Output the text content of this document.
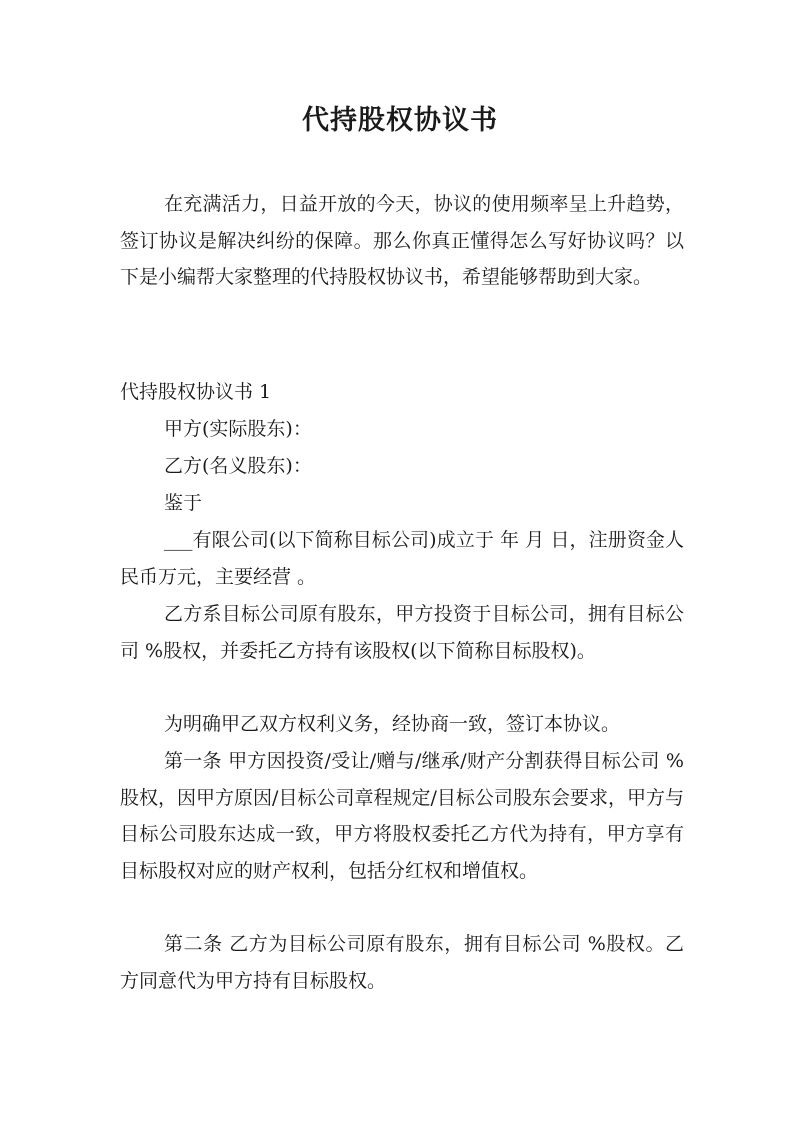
代持股权协议书

在充满活力，日益开放的今天，协议的使用频率呈上升趋势，签订协议是解决纠纷的保障。那么你真正懂得怎么写好协议吗？以下是小编帮大家整理的代持股权协议书，希望能够帮助到大家。

代持股权协议书 1

甲方(实际股东)：

乙方(名义股东)：

鉴于

___有限公司(以下简称目标公司)成立于 年 月 日，注册资金人民币万元，主要经营 。

乙方系目标公司原有股东，甲方投资于目标公司，拥有目标公司 %股权，并委托乙方持有该股权(以下简称目标股权)。

为明确甲乙双方权利义务，经协商一致，签订本协议。

第一条 甲方因投资/受让/赠与/继承/财产分割获得目标公司 %股权，因甲方原因/目标公司章程规定/目标公司股东会要求，甲方与目标公司股东达成一致，甲方将股权委托乙方代为持有，甲方享有目标股权对应的财产权利，包括分红权和增值权。

第二条 乙方为目标公司原有股东，拥有目标公司 %股权。乙方同意代为甲方持有目标股权。
